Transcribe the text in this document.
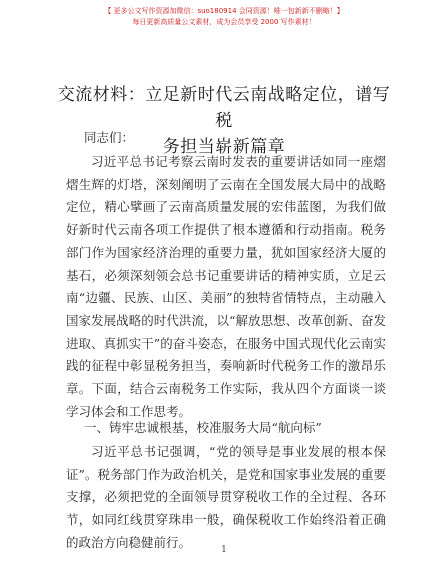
【 更多公文写作资源加微信：suo180914 会同资源！唯一包新新不删略！】
每日更新高质量公文素材，成为会员享受 2000 写作素材！
交流材料：立足新时代云南战略定位，谱写税
务担当崭新篇章
同志们：

习近平总书记考察云南时发表的重要讲话如同一座熠熠生辉的灯塔，深刻阐明了云南在全国发展大局中的战略定位，精心擘画了云南高质量发展的宏伟蓝图，为我们做好新时代云南各项工作提供了根本遵循和行动指南。税务部门作为国家经济治理的重要力量，犹如国家经济大厦的基石，必须深刻领会总书记重要讲话的精神实质，立足云南“边疆、民族、山区、美丽”的独特省情特点，主动融入国家发展战略的时代洪流，以“解放思想、改革创新、奋发进取、真抓实干”的奋斗姿态，在服务中国式现代化云南实践的征程中彰显税务担当，奏响新时代税务工作的激昂乐章。下面，结合云南税务工作实际，我从四个方面谈一谈学习体会和工作思考。

一、铸牢忠诚根基，校准服务大局“航向标”

习近平总书记强调，“党的领导是事业发展的根本保证”。税务部门作为政治机关，是党和国家事业发展的重要支撑，必须把党的全面领导贯穿税收工作的全过程、各环节，如同红线贯穿珠串一般，确保税收工作始终沿着正确的政治方向稳健前行。

1
